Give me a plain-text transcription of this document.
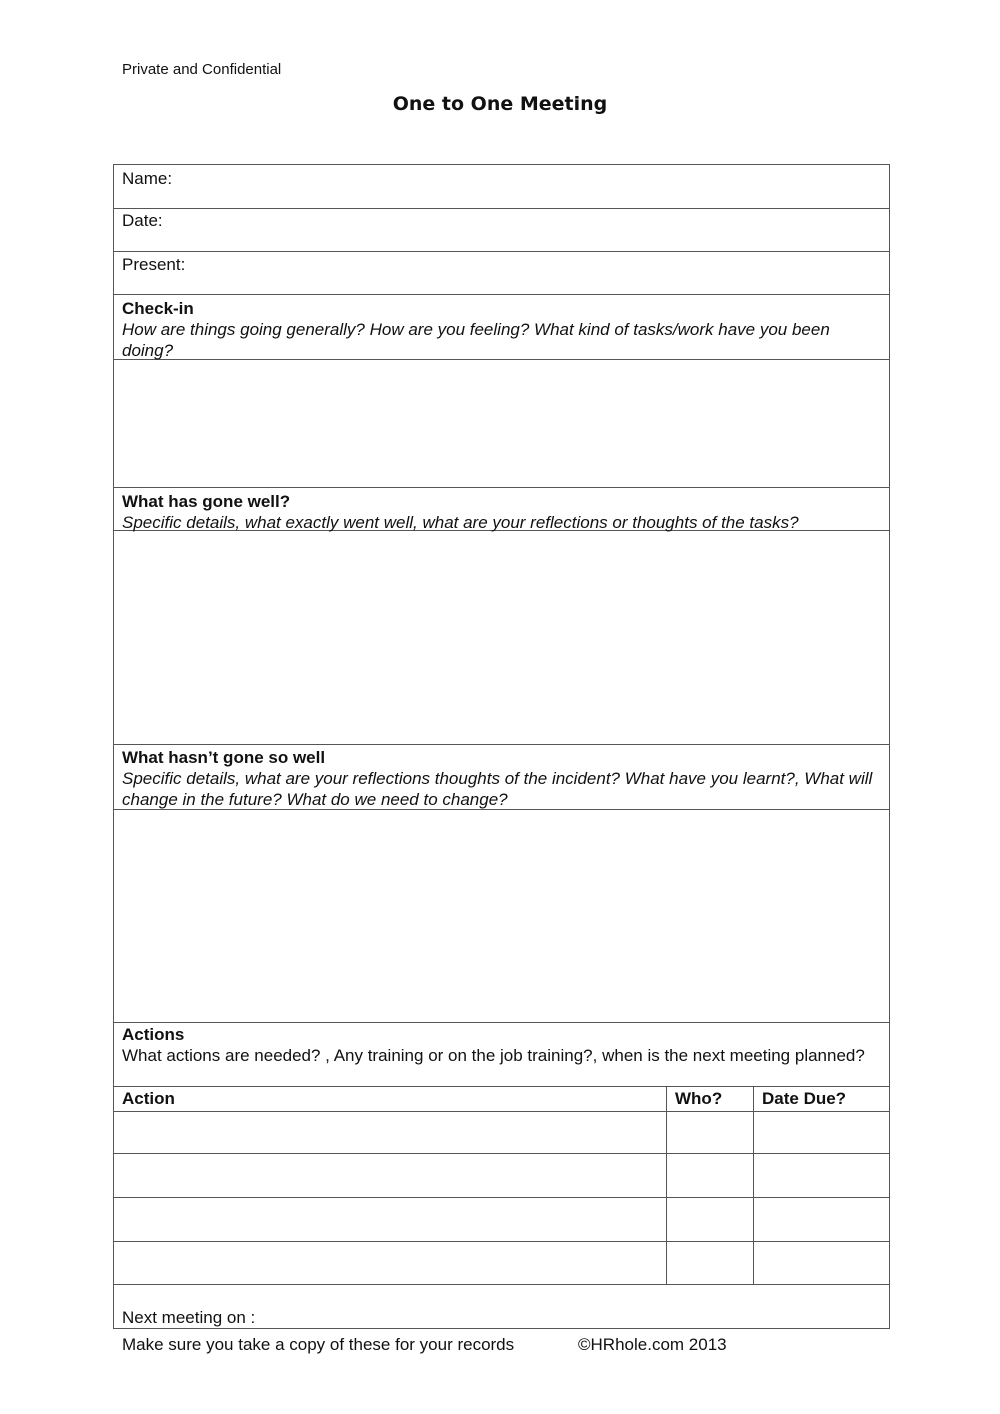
Private and Confidential
One to One Meeting
Name:
Date:
Present:
Check-in
How are things going generally? How are you feeling? What kind of tasks/work have you been doing?
What has gone well?
Specific details, what exactly went well, what are your reflections or thoughts of the tasks?
What hasn’t gone so well
Specific details, what are your reflections thoughts of the incident? What have you learnt?, What will change in the future? What do we need to change?
Actions
What actions are needed? , Any training or on the job training?, when is the next meeting planned?
Action	Who? Date Due?
Next meeting on :
Make sure you take a copy of these for your records	©HRhole.com 2013
